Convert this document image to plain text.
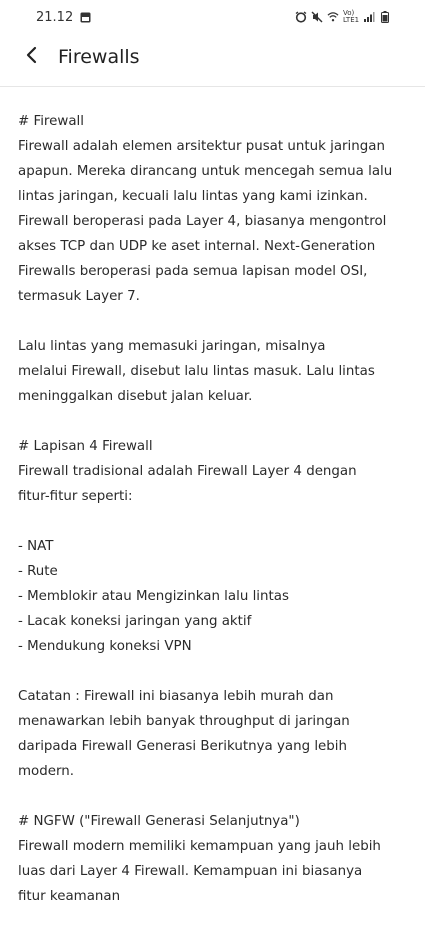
21.12	Vo) LTE1
Firewalls
# Firewall
Firewall adalah elemen arsitektur pusat untuk jaringan
apapun. Mereka dirancang untuk mencegah semua lalu
lintas jaringan, kecuali lalu lintas yang kami izinkan.
Firewall beroperasi pada Layer 4, biasanya mengontrol
akses TCP dan UDP ke aset internal. Next-Generation
Firewalls beroperasi pada semua lapisan model OSI,
termasuk Layer 7.
Lalu lintas yang memasuki jaringan, misalnya
melalui Firewall, disebut lalu lintas masuk. Lalu lintas
meninggalkan disebut jalan keluar.
# Lapisan 4 Firewall
Firewall tradisional adalah Firewall Layer 4 dengan
fitur-fitur seperti:
- NAT
- Rute
- Memblokir atau Mengizinkan lalu lintas
- Lacak koneksi jaringan yang aktif
- Mendukung koneksi VPN
Catatan : Firewall ini biasanya lebih murah dan
menawarkan lebih banyak throughput di jaringan
daripada Firewall Generasi Berikutnya yang lebih
modern.
# NGFW ("Firewall Generasi Selanjutnya")
Firewall modern memiliki kemampuan yang jauh lebih
luas dari Layer 4 Firewall. Kemampuan ini biasanya
fitur keamanan
